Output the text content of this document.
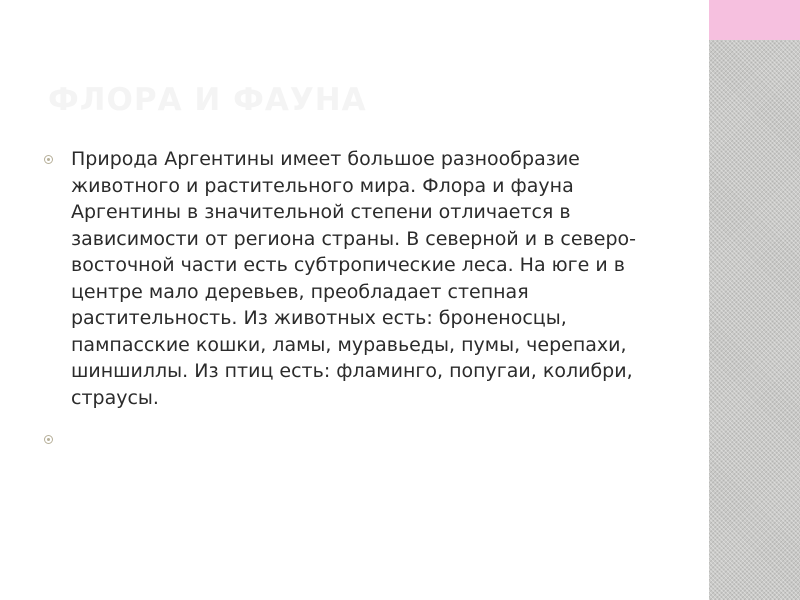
ФЛОРА И ФАУНА
Природа Аргентины имеет большое разнообразие животного и растительного мира. Флора и фауна Аргентины в значительной степени отличается в зависимости от региона страны. В северной и в северо-восточной части есть субтропические леса. На юге и в центре мало деревьев, преобладает степная растительность. Из животных есть: броненосцы, пампасские кошки, ламы, муравьеды, пумы, черепахи, шиншиллы. Из птиц есть: фламинго, попугаи, колибри, страусы.
